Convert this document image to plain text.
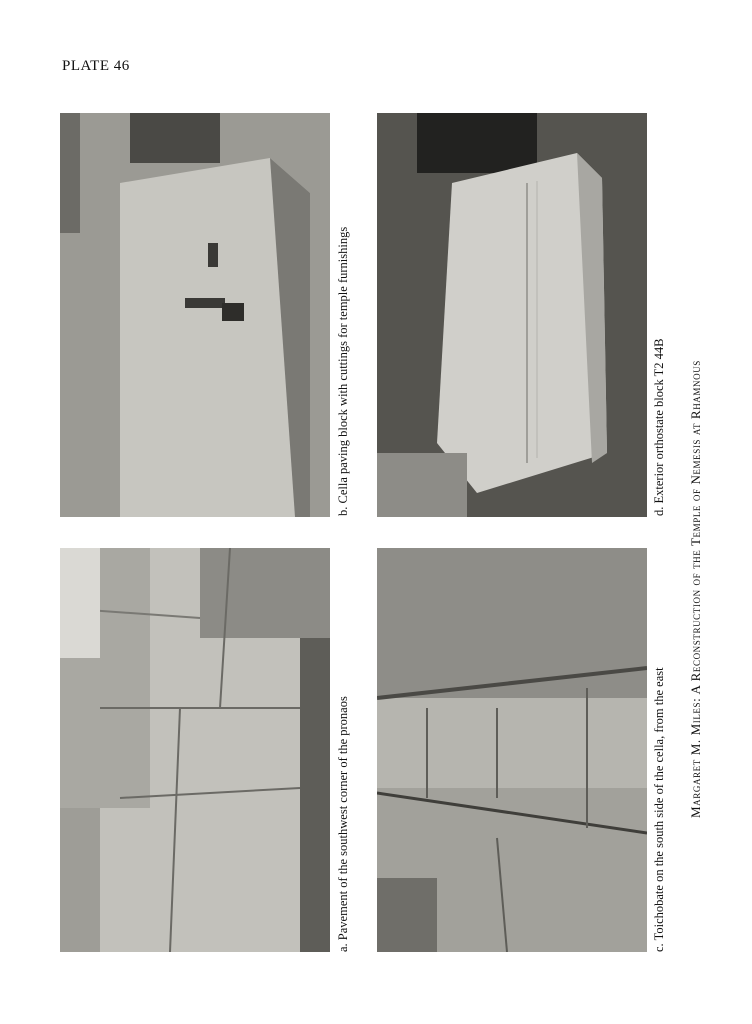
PLATE 46
a. Pavement of the southwest corner of the pronaos
b. Cella paving block with cuttings for temple furnishings
c. Toichobate on the south side of the cella, from the east
d. Exterior orthostate block T2 44B
Margaret M. Miles: A Reconstruction of the Temple of Nemesis at Rhamnous
